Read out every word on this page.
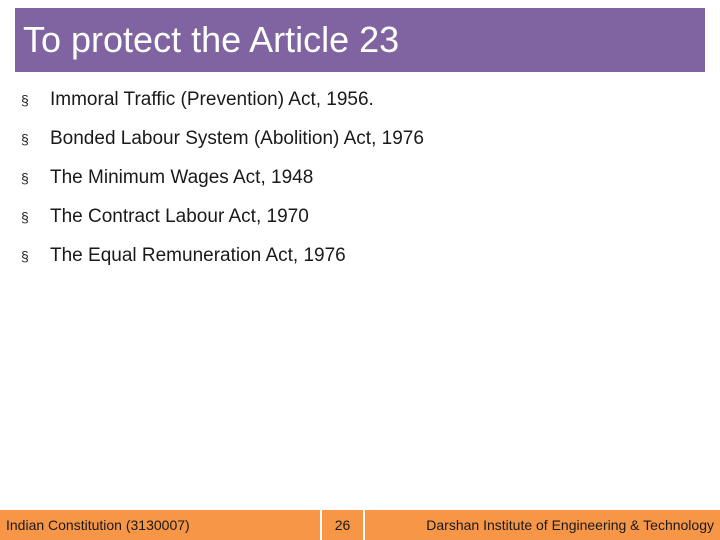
To protect the Article 23
§	Immoral Traffic (Prevention) Act, 1956.
§	Bonded Labour System (Abolition) Act, 1976
§	The Minimum Wages Act, 1948
§	The Contract Labour Act, 1970
§	The Equal Remuneration Act, 1976
Indian Constitution (3130007)	26	Darshan Institute of Engineering & Technology
